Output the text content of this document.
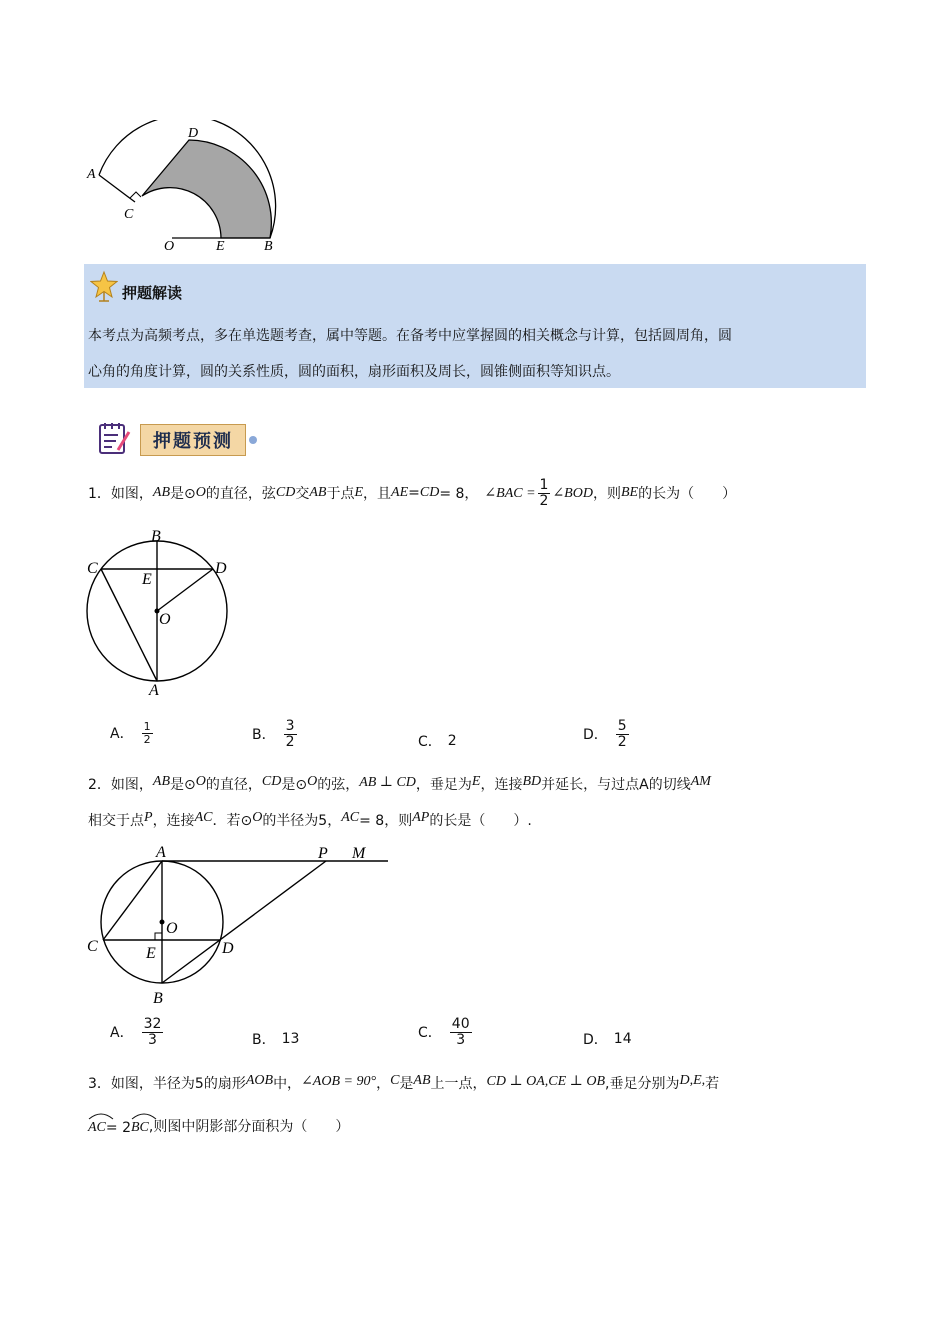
D
A
C
O	E	B
押题解读
本考点为高频考点，多在单选题考查，属中等题。在备考中应掌握圆的相关概念与计算，包括圆周角，圆
心角的角度计算，圆的关系性质，圆的面积，扇形面积及周长，圆锥侧面积等知识点。
押题预测
1． 如图， AB 是⊙ O 的直径，弦 CD 交 AB 于点 E ，且 AE = CD = 8， ∠BAC = $\frac{1}{2}$ ∠BOD ，则 BE 的长为（　　）
B
C
E
D
O
A
A． $\frac{1}{2}$	B． $\frac{3}{2}$	C． 2	D． $\frac{5}{2}$
2． 如图， AB 是⊙ O 的直径， CD 是⊙ O 的弦， AB ⊥ CD ，垂足为 E ，连接 BD 并延长，与过点A的切线 AM
相交于点 P ，连接 AC ．若⊙ O 的半径为5， AC = 8，则 AP 的长是（　　）.
A	P M
O
C	E	D
B
A． $\frac{32}{3}$	B． 13	C． $\frac{40}{3}$	D． 14
3． 如图，半径为5的扇形 AOB 中， ∠AOB = 90° ， C 是 AB 上一点， CD ⊥ OA,CE ⊥ OB ,垂足分别为 D,E, 若
AC = 2 BC ,则图中阴影部分面积为（　　）
